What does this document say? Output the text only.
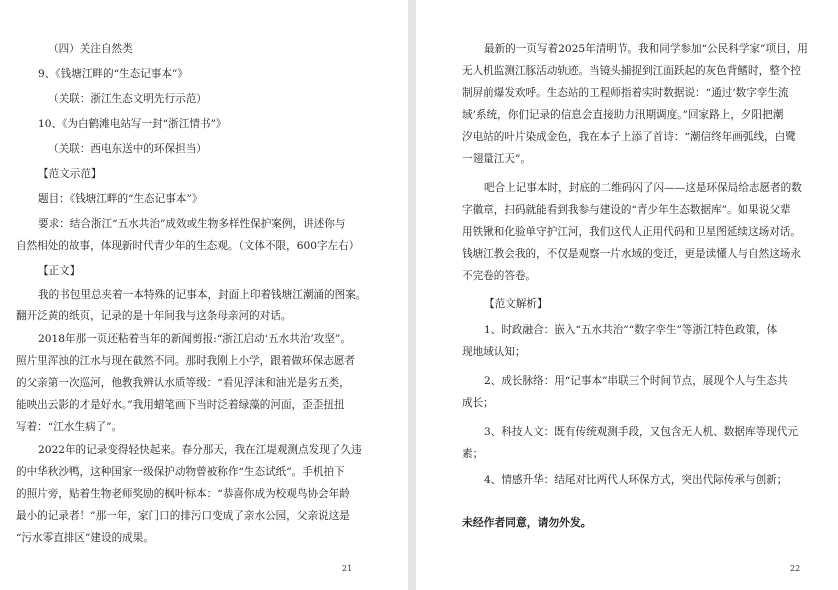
（四）关注自然类
9、《钱塘江畔的“生态记事本”》
（关联：浙江生态文明先行示范）
10、《为白鹤滩电站写一封“浙江情书”》
（关联：西电东送中的环保担当）
【范文示范】
题目：《钱塘江畔的“生态记事本”》
要求：结合浙江“五水共治”成效或生物多样性保护案例，讲述你与
自然相处的故事，体现新时代青少年的生态观。（文体不限，600字左右）
【正文】
我的书包里总夹着一本特殊的记事本，封面上印着钱塘江潮涌的图案。
翻开泛黄的纸页，记录的是十年间我与这条母亲河的对话。
2018年那一页还粘着当年的新闻剪报:“浙江启动‘五水共治’攻坚”。
照片里浑浊的江水与现在截然不同。那时我刚上小学，跟着做环保志愿者
的父亲第一次巡河，他教我辨认水质等级：“看见浮沫和油光是劣五类，
能映出云影的才是好水。”我用蜡笔画下当时泛着绿藻的河面，歪歪扭扭
写着：“江水生病了”。
2022年的记录变得轻快起来。春分那天，我在江堤观测点发现了久违
的中华秋沙鸭，这种国家一级保护动物曾被称作“生态试纸”。手机拍下
的照片旁，贴着生物老师奖励的枫叶标本：“恭喜你成为校观鸟协会年龄
最小的记录者！”那一年，家门口的排污口变成了亲水公园，父亲说这是
“污水零直排区”建设的成果。
21
最新的一页写着2025年清明节。我和同学参加“公民科学家”项目，用
无人机监测江豚活动轨迹。当镜头捕捉到江面跃起的灰色背鳍时，整个控
制屏前爆发欢呼。生态站的工程师指着实时数据说：“通过‘数字孪生流
域’系统，你们记录的信息会直接助力汛期调度。”回家路上，夕阳把潮
汐电站的叶片染成金色，我在本子上添了首诗：“潮信终年画弧线，白鹭
一翅量江天”。
吧合上记事本时，封底的二维码闪了闪——这是环保局给志愿者的数
字徽章，扫码就能看到我参与建设的“青少年生态数据库”。如果说父辈
用铁锹和化验单守护江河，我们这代人正用代码和卫星图延续这场对话。
钱塘江教会我的，不仅是观察一片水域的变迁，更是读懂人与自然这场永
不完卷的答卷。
【范文解析】
1、时政融合：嵌入“五水共治”“数字孪生”等浙江特色政策，体
现地域认知；
2、成长脉络：用“记事本”串联三个时间节点，展现个人与生态共
成长；
3、科技人文：既有传统观测手段，又包含无人机、数据库等现代元
素；
4、情感升华：结尾对比两代人环保方式，突出代际传承与创新；
未经作者同意，请勿外发。
22
